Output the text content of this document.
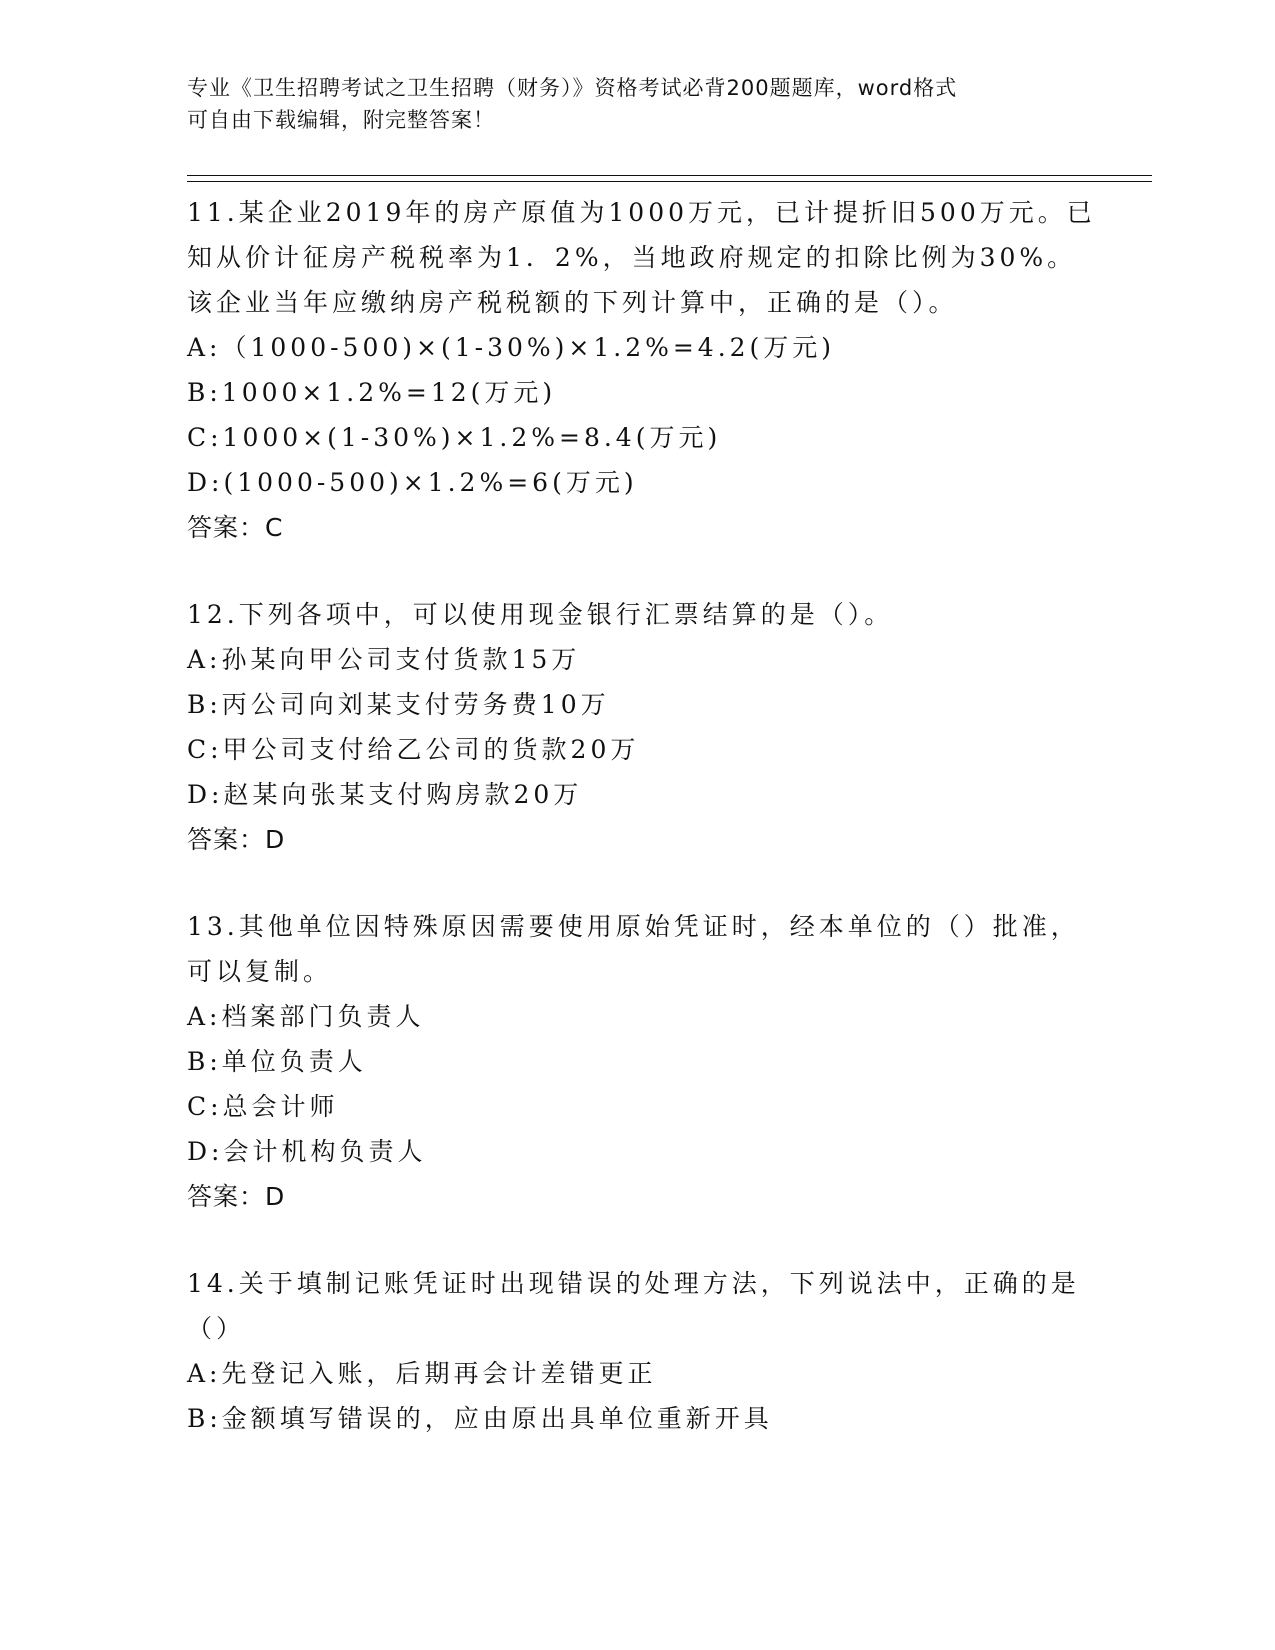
专业《卫生招聘考试之卫生招聘（财务）》资格考试必背200题题库，word格式
可自由下载编辑，附完整答案！
11.某企业2019年的房产原值为1000万元，已计提折旧500万元。已
知从价计征房产税税率为1．2%，当地政府规定的扣除比例为30%。
该企业当年应缴纳房产税税额的下列计算中，正确的是（）。
A:（1000-500)×(1-30%)×1.2%=4.2(万元)
B:1000×1.2%=12(万元)
C:1000×(1-30%)×1.2%=8.4(万元)
D:(1000-500)×1.2%=6(万元)
答案：C
12.下列各项中，可以使用现金银行汇票结算的是（）。
A:孙某向甲公司支付货款15万
B:丙公司向刘某支付劳务费10万
C:甲公司支付给乙公司的货款20万
D:赵某向张某支付购房款20万
答案：D
13.其他单位因特殊原因需要使用原始凭证时，经本单位的（）批准，
可以复制。
A:档案部门负责人
B:单位负责人
C:总会计师
D:会计机构负责人
答案：D
14.关于填制记账凭证时出现错误的处理方法，下列说法中，正确的是
（）
A:先登记入账，后期再会计差错更正
B:金额填写错误的，应由原出具单位重新开具
